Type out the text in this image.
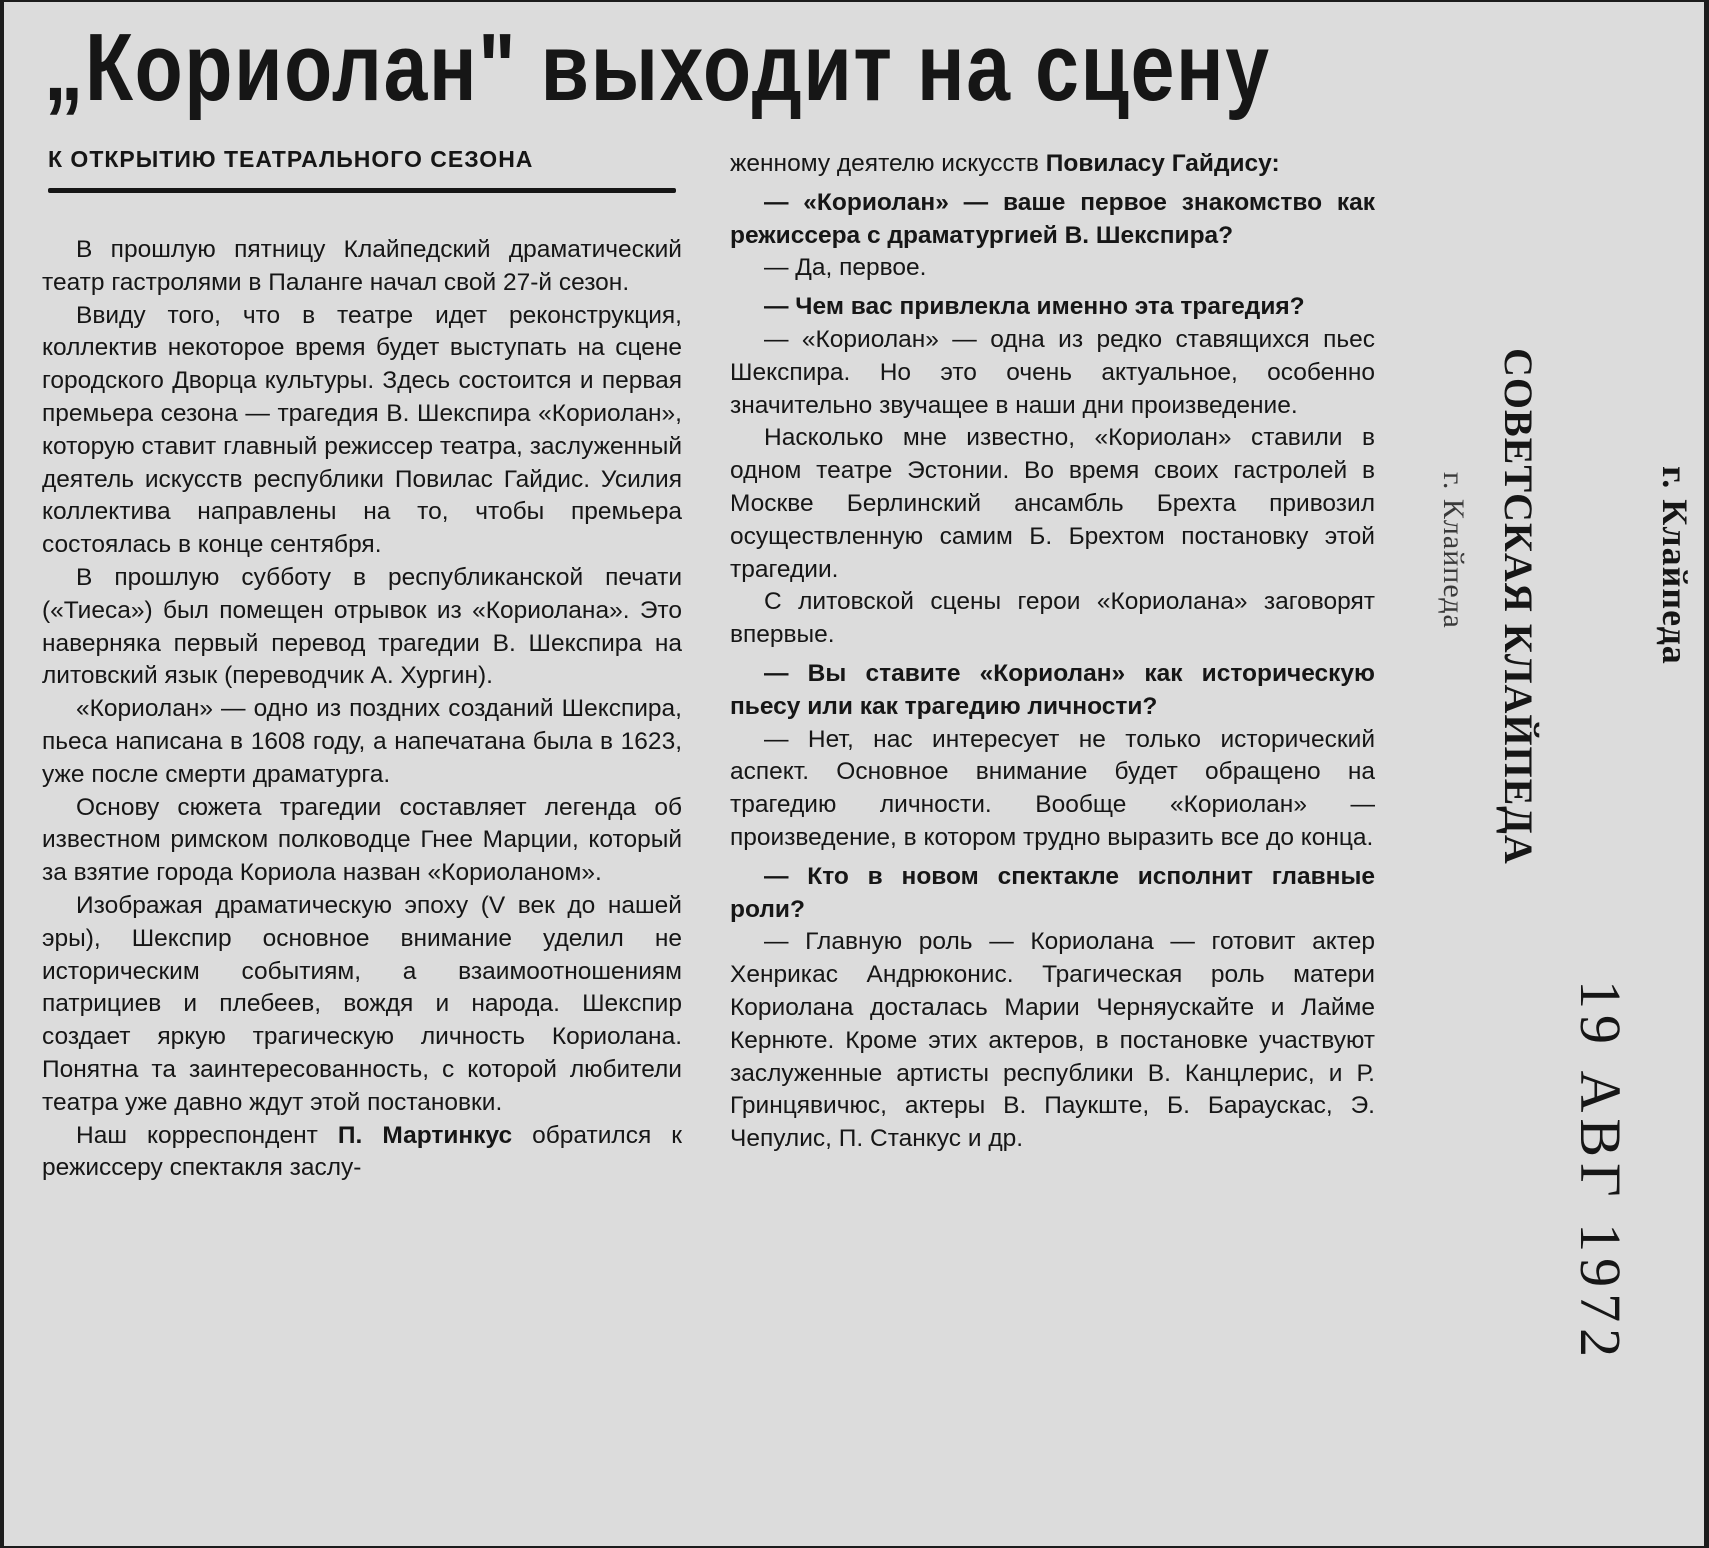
„Кориолан" выходит на сцену
К ОТКРЫТИЮ ТЕАТРАЛЬНОГО СЕЗОНА

В прошлую пятницу Клайпедский драматический театр гастролями в Паланге начал свой 27-й сезон.

Ввиду того, что в театре идет реконструкция, коллектив некоторое время будет выступать на сцене городского Дворца культуры. Здесь состоится и первая премьера сезона — трагедия В. Шекспира «Кориолан», которую ставит главный режиссер театра, заслуженный деятель искусств республики Повилас Гайдис. Усилия коллектива направлены на то, чтобы премьера состоялась в конце сентября.

В прошлую субботу в республиканской печати («Тиеса») был помещен отрывок из «Кориолана». Это наверняка первый перевод трагедии В. Шекспира на литовский язык (переводчик А. Хургин).

«Кориолан» — одно из поздних созданий Шекспира, пьеса написана в 1608 году, а напечатана была в 1623, уже после смерти драматурга.

Основу сюжета трагедии составляет легенда об известном римском полководце Гнее Марции, который за взятие города Кориола назван «Кориоланом».

Изображая драматическую эпоху (V век до нашей эры), Шекспир основное внимание уделил не историческим событиям, а взаимоотношениям патрициев и плебеев, вождя и народа. Шекспир создает яркую трагическую личность Кориолана. Понятна та заинтересованность, с которой любители театра уже давно ждут этой постановки.

Наш корреспондент П. Мартинкус обратился к режиссеру спектакля заслу-

женному деятелю искусств Повиласу Гайдису:

— «Кориолан» — ваше первое знакомство как режиссера с драматургией В. Шекспира?

— Да, первое.

— Чем вас привлекла именно эта трагедия?

— «Кориолан» — одна из редко ставящихся пьес Шекспира. Но это очень актуальное, особенно значительно звучащее в наши дни произведение.

Насколько мне известно, «Кориолан» ставили в одном театре Эстонии. Во время своих гастролей в Москве Берлинский ансамбль Брехта привозил осуществленную самим Б. Брехтом постановку этой трагедии.

С литовской сцены герои «Кориолана» заговорят впервые.

— Вы ставите «Кориолан» как историческую пьесу или как трагедию личности?

— Нет, нас интересует не только исторический аспект. Основное внимание будет обращено на трагедию личности. Вообще «Кориолан» — произведение, в котором трудно выразить все до конца.

— Кто в новом спектакле исполнит главные роли?

— Главную роль — Кориолана — готовит актер Хенрикас Андрюконис. Трагическая роль матери Кориолана досталась Марии Черняускайте и Лайме Кернюте. Кроме этих актеров, в постановке участвуют заслуженные артисты республики В. Канцлерис, и Р. Гринцявичюс, актеры В. Паукште, Б. Бараускас, Э. Чепулис, П. Станкус и др.

СОВЕТСКАЯ КЛАЙПЕДА
г. Клайпеда	г. Клайпеда
19 АВГ 1972
